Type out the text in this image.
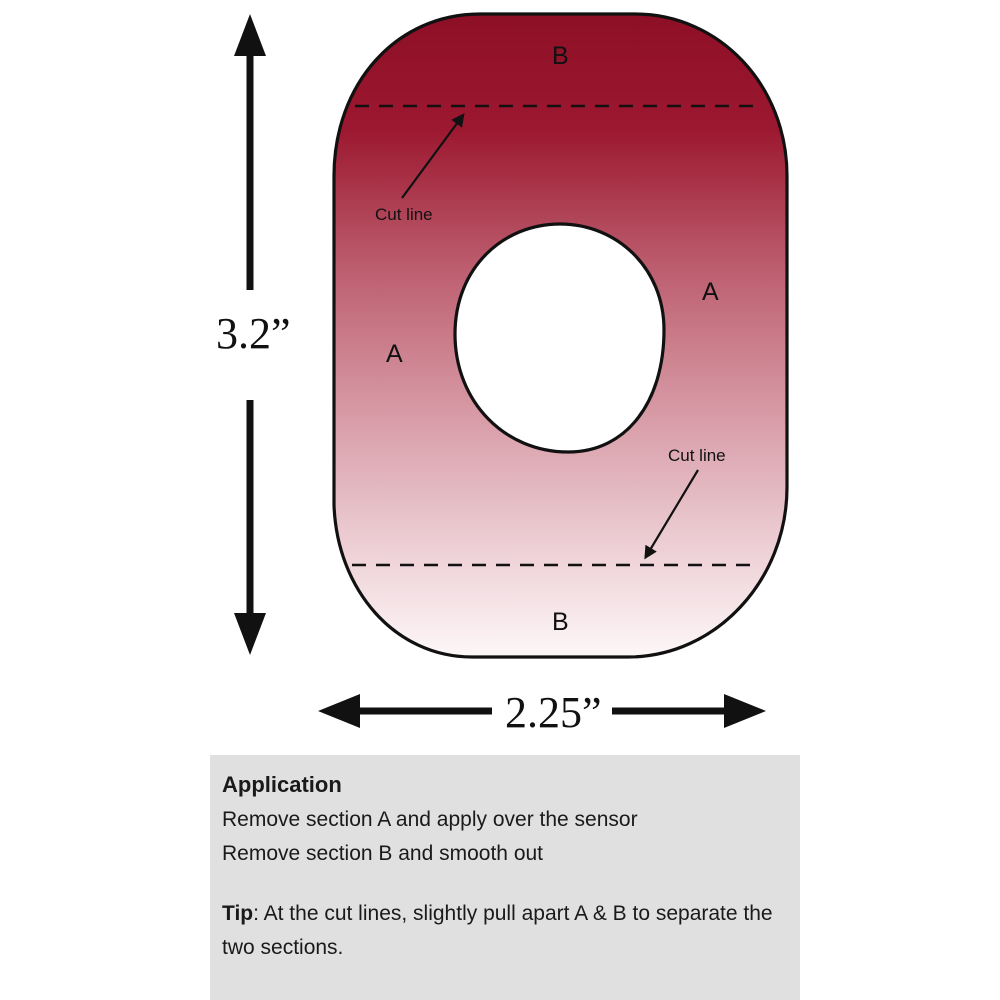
Cut line
Cut line
B
A
A
B
3.2”
2.25”
Application
Remove section A and apply over the sensor
Remove section B and smooth out
Tip: At the cut lines, slightly pull apart A & B to separate the two sections.
